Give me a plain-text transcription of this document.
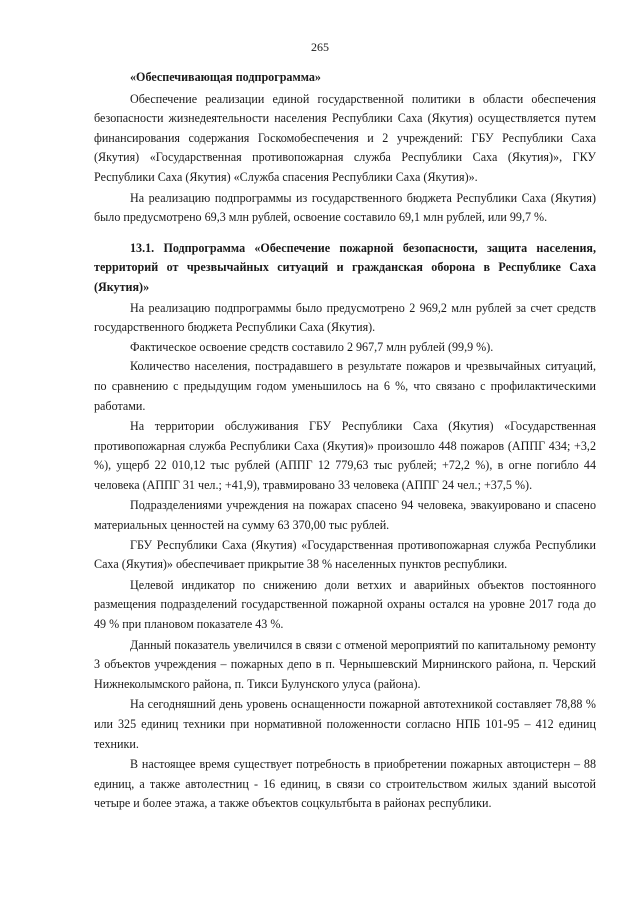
265

«Обеспечивающая подпрограмма»

Обеспечение реализации единой государственной политики в области обеспечения безопасности жизнедеятельности населения Республики Саха (Якутия) осуществляется путем финансирования содержания Госкомобеспечения и 2 учреждений: ГБУ Республики Саха (Якутия) «Государственная противопожарная служба Республики Саха (Якутия)», ГКУ Республики Саха (Якутия) «Служба спасения Республики Саха (Якутия)».

На реализацию подпрограммы из государственного бюджета Республики Саха (Якутия) было предусмотрено 69,3 млн рублей, освоение составило 69,1 млн рублей, или 99,7 %.

13.1. Подпрограмма «Обеспечение пожарной безопасности, защита населения, территорий от чрезвычайных ситуаций и гражданская оборона в Республике Саха (Якутия)»

На реализацию подпрограммы было предусмотрено 2 969,2 млн рублей за счет средств государственного бюджета Республики Саха (Якутия).

Фактическое освоение средств составило 2 967,7 млн рублей (99,9 %).

Количество населения, пострадавшего в результате пожаров и чрезвычайных ситуаций, по сравнению с предыдущим годом уменьшилось на 6 %, что связано с профилактическими работами.

На территории обслуживания ГБУ Республики Саха (Якутия) «Государственная противопожарная служба Республики Саха (Якутия)» произошло 448 пожаров (АППГ 434; +3,2 %), ущерб 22 010,12 тыс рублей (АППГ 12 779,63 тыс рублей; +72,2 %), в огне погибло 44 человека (АППГ 31 чел.; +41,9), травмировано 33 человека (АППГ 24 чел.; +37,5 %).

Подразделениями учреждения на пожарах спасено 94 человека, эвакуировано и спасено материальных ценностей на сумму 63 370,00 тыс рублей.

ГБУ Республики Саха (Якутия) «Государственная противопожарная служба Республики Саха (Якутия)» обеспечивает прикрытие 38 % населенных пунктов республики.

Целевой индикатор по снижению доли ветхих и аварийных объектов постоянного размещения подразделений государственной пожарной охраны остался на уровне 2017 года до 49 % при плановом показателе 43 %.

Данный показатель увеличился в связи с отменой мероприятий по капитальному ремонту 3 объектов учреждения – пожарных депо в п. Чернышевский Мирнинского района, п. Черский Нижнеколымского района, п. Тикси Булунского улуса (района).

На сегодняшний день уровень оснащенности пожарной автотехникой составляет 78,88 % или 325 единиц техники при нормативной положенности согласно НПБ 101-95 – 412 единиц техники.

В настоящее время существует потребность в приобретении пожарных автоцистерн – 88 единиц, а также автолестниц - 16 единиц, в связи со строительством жилых зданий высотой четыре и более этажа, а также объектов соцкультбыта в районах республики.
